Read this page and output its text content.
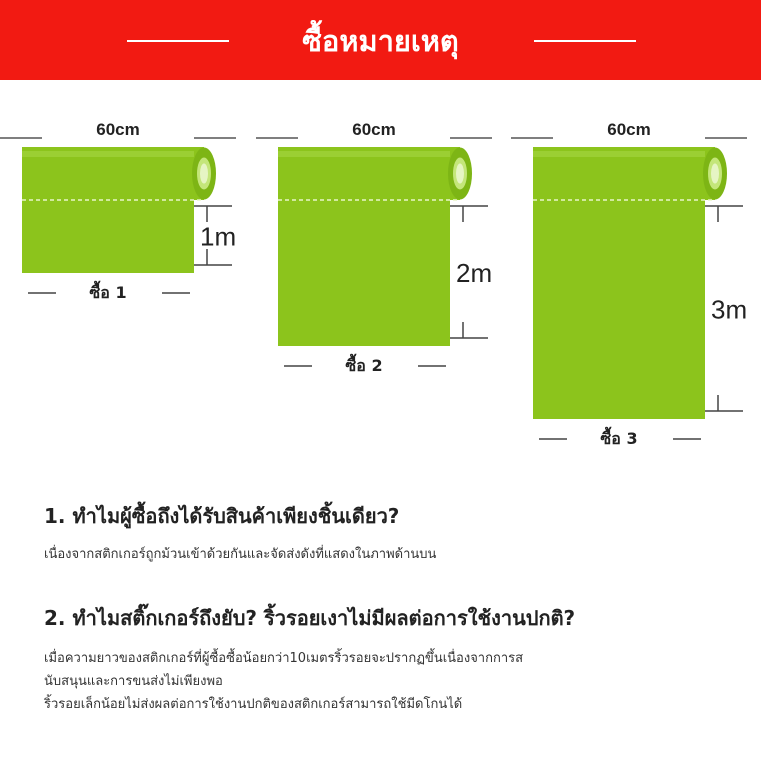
ซื้อหมายเหตุ
60cm
1m
ซื้อ 1
60cm
2m
ซื้อ 2
60cm
3m
ซื้อ 3
1. ทำไมผู้ซื้อถึงได้รับสินค้าเพียงชิ้นเดียว?
เนื่องจากสติกเกอร์ถูกม้วนเข้าด้วยกันและจัดส่งดังที่แสดงในภาพด้านบน
2. ทำไมสติ๊กเกอร์ถึงยับ? ริ้วรอยเงาไม่มีผลต่อการใช้งานปกติ?
เมื่อความยาวของสติกเกอร์ที่ผู้ซื้อซื้อน้อยกว่า10เมตรริ้วรอยจะปรากฏขึ้นเนื่องจากการส
นับสนุนและการขนส่งไม่เพียงพอ
ริ้วรอยเล็กน้อยไม่ส่งผลต่อการใช้งานปกติของสติกเกอร์สามารถใช้มีดโกนได้
